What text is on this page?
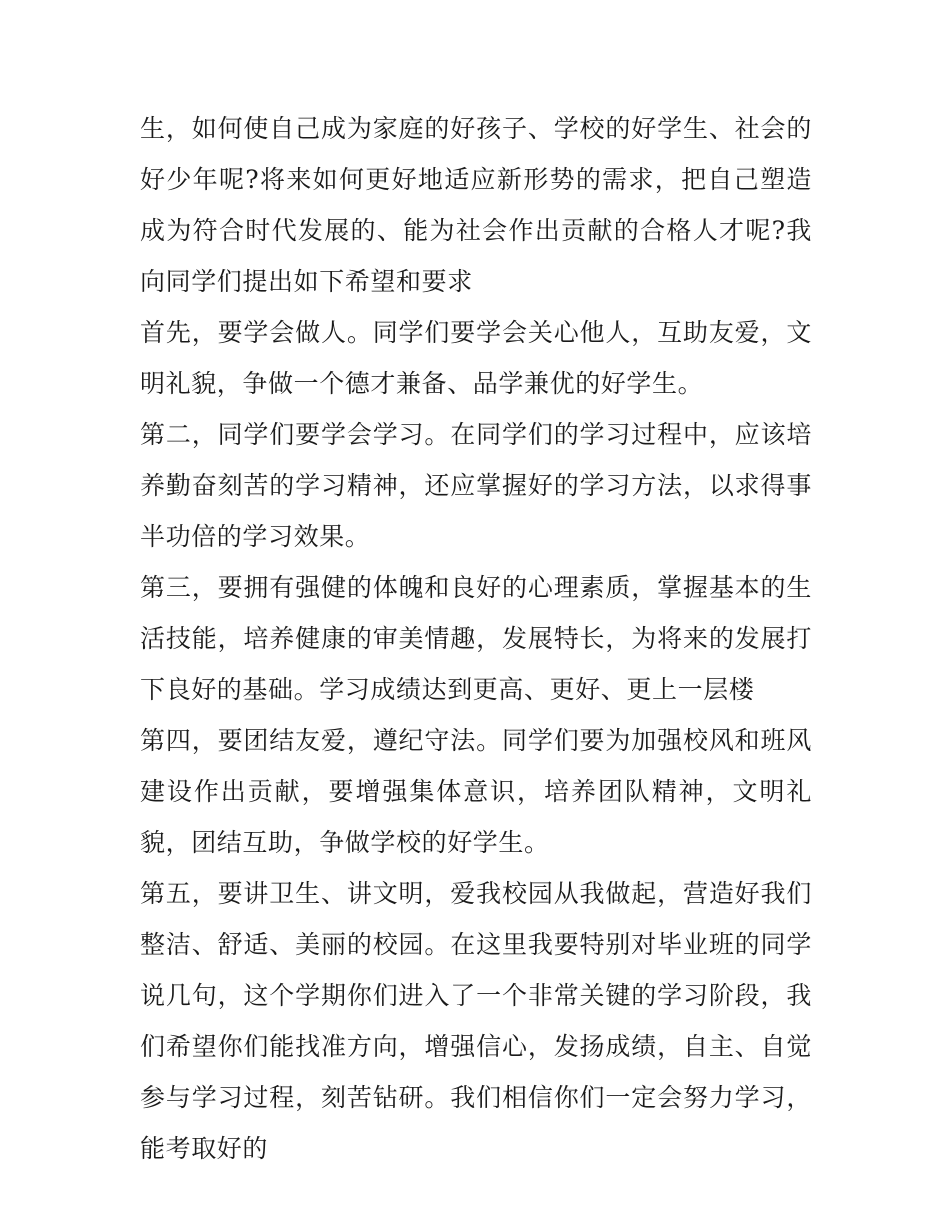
生，如何使自己成为家庭的好孩子、学校的好学生、社会的好少年呢?将来如何更好地适应新形势的需求，把自己塑造成为符合时代发展的、能为社会作出贡献的合格人才呢?我向同学们提出如下希望和要求

首先，要学会做人。同学们要学会关心他人，互助友爱，文明礼貌，争做一个德才兼备、品学兼优的好学生。

第二，同学们要学会学习。在同学们的学习过程中，应该培养勤奋刻苦的学习精神，还应掌握好的学习方法，以求得事半功倍的学习效果。

第三，要拥有强健的体魄和良好的心理素质，掌握基本的生活技能，培养健康的审美情趣，发展特长，为将来的发展打下良好的基础。学习成绩达到更高、更好、更上一层楼

第四，要团结友爱，遵纪守法。同学们要为加强校风和班风建设作出贡献，要增强集体意识，培养团队精神，文明礼貌，团结互助，争做学校的好学生。

第五，要讲卫生、讲文明，爱我校园从我做起，营造好我们整洁、舒适、美丽的校园。在这里我要特别对毕业班的同学说几句，这个学期你们进入了一个非常关键的学习阶段，我们希望你们能找准方向，增强信心，发扬成绩，自主、自觉参与学习过程，刻苦钻研。我们相信你们一定会努力学习，能考取好的
